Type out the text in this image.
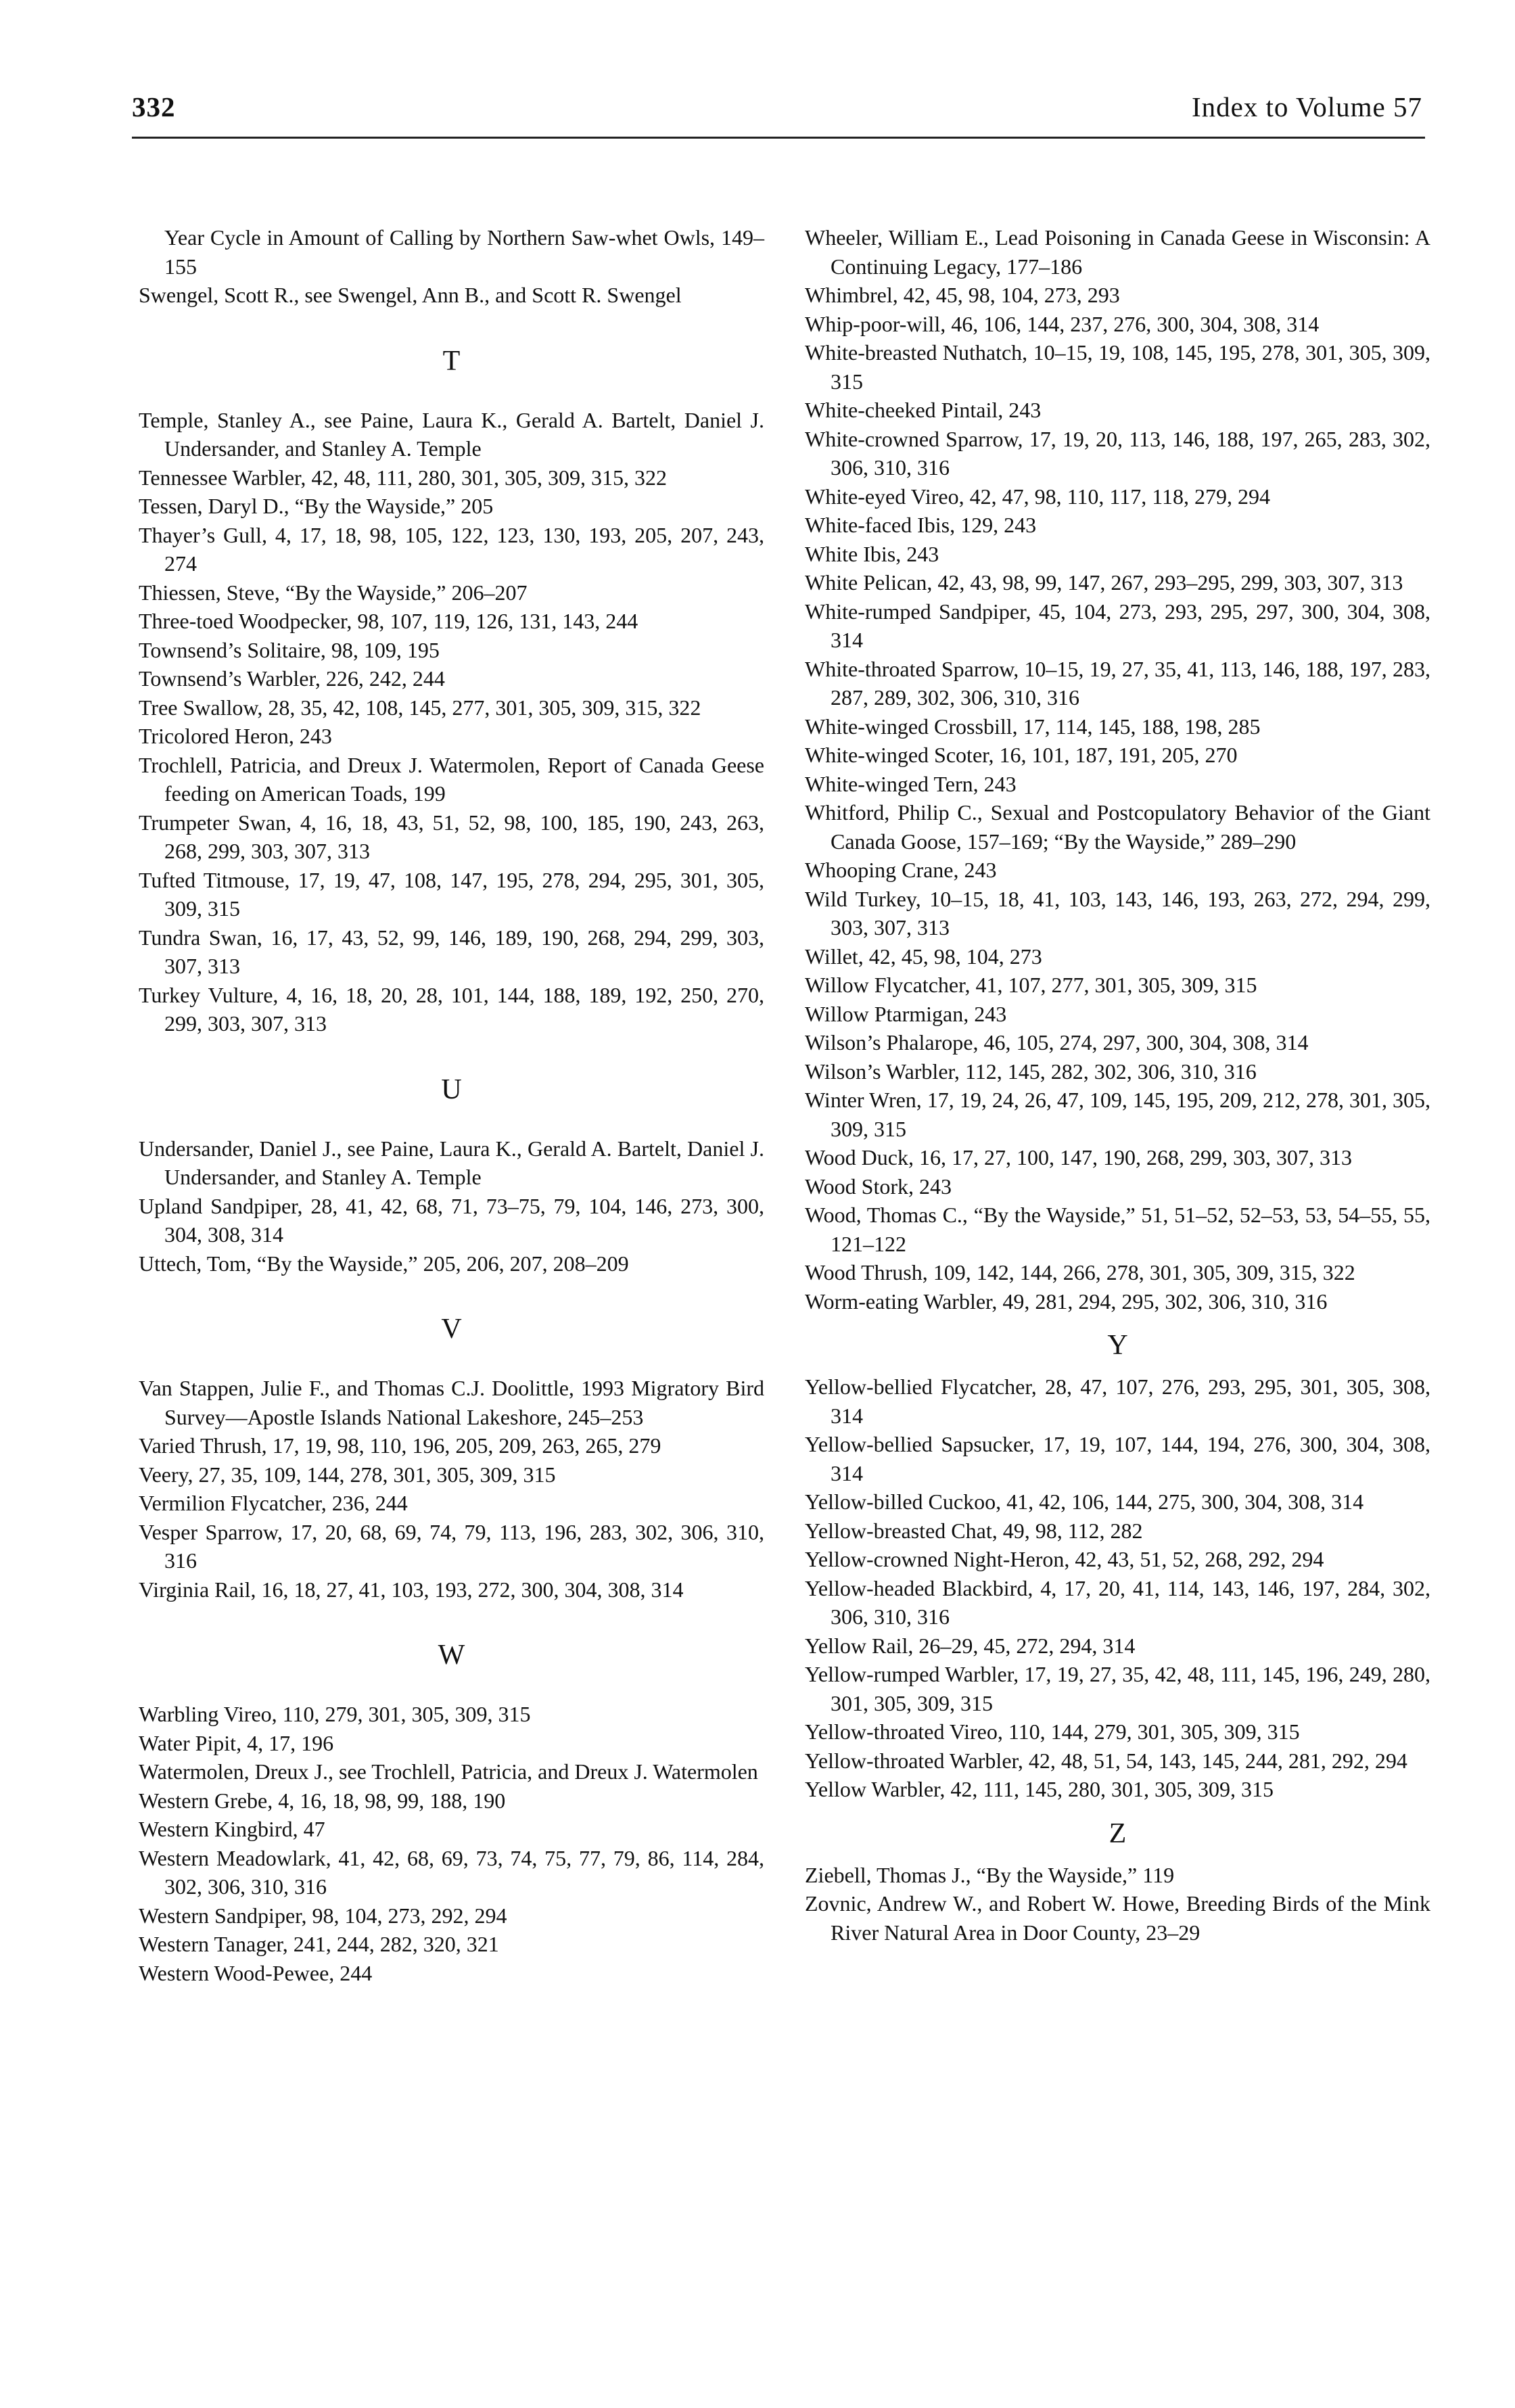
332	Index to Volume 57
Year Cycle in Amount of Calling by Northern Saw-whet Owls, 149–155
Swengel, Scott R., see Swengel, Ann B., and Scott R. Swengel
T
Temple, Stanley A., see Paine, Laura K., Gerald A. Bartelt, Daniel J. Undersander, and Stanley A. Temple
Tennessee Warbler, 42, 48, 111, 280, 301, 305, 309, 315, 322
Tessen, Daryl D., “By the Wayside,” 205
Thayer’s Gull, 4, 17, 18, 98, 105, 122, 123, 130, 193, 205, 207, 243, 274
Thiessen, Steve, “By the Wayside,” 206–207
Three-toed Woodpecker, 98, 107, 119, 126, 131, 143, 244
Townsend’s Solitaire, 98, 109, 195
Townsend’s Warbler, 226, 242, 244
Tree Swallow, 28, 35, 42, 108, 145, 277, 301, 305, 309, 315, 322
Tricolored Heron, 243
Trochlell, Patricia, and Dreux J. Watermolen, Report of Canada Geese feeding on American Toads, 199
Trumpeter Swan, 4, 16, 18, 43, 51, 52, 98, 100, 185, 190, 243, 263, 268, 299, 303, 307, 313
Tufted Titmouse, 17, 19, 47, 108, 147, 195, 278, 294, 295, 301, 305, 309, 315
Tundra Swan, 16, 17, 43, 52, 99, 146, 189, 190, 268, 294, 299, 303, 307, 313
Turkey Vulture, 4, 16, 18, 20, 28, 101, 144, 188, 189, 192, 250, 270, 299, 303, 307, 313
U
Undersander, Daniel J., see Paine, Laura K., Gerald A. Bartelt, Daniel J. Undersander, and Stanley A. Temple
Upland Sandpiper, 28, 41, 42, 68, 71, 73–75, 79, 104, 146, 273, 300, 304, 308, 314
Uttech, Tom, “By the Wayside,” 205, 206, 207, 208–209
V
Van Stappen, Julie F., and Thomas C.J. Doolittle, 1993 Migratory Bird Survey—Apostle Islands National Lakeshore, 245–253
Varied Thrush, 17, 19, 98, 110, 196, 205, 209, 263, 265, 279
Veery, 27, 35, 109, 144, 278, 301, 305, 309, 315
Vermilion Flycatcher, 236, 244
Vesper Sparrow, 17, 20, 68, 69, 74, 79, 113, 196, 283, 302, 306, 310, 316
Virginia Rail, 16, 18, 27, 41, 103, 193, 272, 300, 304, 308, 314
W
Warbling Vireo, 110, 279, 301, 305, 309, 315
Water Pipit, 4, 17, 196
Watermolen, Dreux J., see Trochlell, Patricia, and Dreux J. Watermolen
Western Grebe, 4, 16, 18, 98, 99, 188, 190
Western Kingbird, 47
Western Meadowlark, 41, 42, 68, 69, 73, 74, 75, 77, 79, 86, 114, 284, 302, 306, 310, 316
Western Sandpiper, 98, 104, 273, 292, 294
Western Tanager, 241, 244, 282, 320, 321
Western Wood-Pewee, 244
Wheeler, William E., Lead Poisoning in Canada Geese in Wisconsin: A Continuing Legacy, 177–186
Whimbrel, 42, 45, 98, 104, 273, 293
Whip-poor-will, 46, 106, 144, 237, 276, 300, 304, 308, 314
White-breasted Nuthatch, 10–15, 19, 108, 145, 195, 278, 301, 305, 309, 315
White-cheeked Pintail, 243
White-crowned Sparrow, 17, 19, 20, 113, 146, 188, 197, 265, 283, 302, 306, 310, 316
White-eyed Vireo, 42, 47, 98, 110, 117, 118, 279, 294
White-faced Ibis, 129, 243
White Ibis, 243
White Pelican, 42, 43, 98, 99, 147, 267, 293–295, 299, 303, 307, 313
White-rumped Sandpiper, 45, 104, 273, 293, 295, 297, 300, 304, 308, 314
White-throated Sparrow, 10–15, 19, 27, 35, 41, 113, 146, 188, 197, 283, 287, 289, 302, 306, 310, 316
White-winged Crossbill, 17, 114, 145, 188, 198, 285
White-winged Scoter, 16, 101, 187, 191, 205, 270
White-winged Tern, 243
Whitford, Philip C., Sexual and Postcopulatory Behavior of the Giant Canada Goose, 157–169; “By the Wayside,” 289–290
Whooping Crane, 243
Wild Turkey, 10–15, 18, 41, 103, 143, 146, 193, 263, 272, 294, 299, 303, 307, 313
Willet, 42, 45, 98, 104, 273
Willow Flycatcher, 41, 107, 277, 301, 305, 309, 315
Willow Ptarmigan, 243
Wilson’s Phalarope, 46, 105, 274, 297, 300, 304, 308, 314
Wilson’s Warbler, 112, 145, 282, 302, 306, 310, 316
Winter Wren, 17, 19, 24, 26, 47, 109, 145, 195, 209, 212, 278, 301, 305, 309, 315
Wood Duck, 16, 17, 27, 100, 147, 190, 268, 299, 303, 307, 313
Wood Stork, 243
Wood, Thomas C., “By the Wayside,” 51, 51–52, 52–53, 53, 54–55, 55, 121–122
Wood Thrush, 109, 142, 144, 266, 278, 301, 305, 309, 315, 322
Worm-eating Warbler, 49, 281, 294, 295, 302, 306, 310, 316
Y
Yellow-bellied Flycatcher, 28, 47, 107, 276, 293, 295, 301, 305, 308, 314
Yellow-bellied Sapsucker, 17, 19, 107, 144, 194, 276, 300, 304, 308, 314
Yellow-billed Cuckoo, 41, 42, 106, 144, 275, 300, 304, 308, 314
Yellow-breasted Chat, 49, 98, 112, 282
Yellow-crowned Night-Heron, 42, 43, 51, 52, 268, 292, 294
Yellow-headed Blackbird, 4, 17, 20, 41, 114, 143, 146, 197, 284, 302, 306, 310, 316
Yellow Rail, 26–29, 45, 272, 294, 314
Yellow-rumped Warbler, 17, 19, 27, 35, 42, 48, 111, 145, 196, 249, 280, 301, 305, 309, 315
Yellow-throated Vireo, 110, 144, 279, 301, 305, 309, 315
Yellow-throated Warbler, 42, 48, 51, 54, 143, 145, 244, 281, 292, 294
Yellow Warbler, 42, 111, 145, 280, 301, 305, 309, 315
Z
Ziebell, Thomas J., “By the Wayside,” 119
Zovnic, Andrew W., and Robert W. Howe, Breeding Birds of the Mink River Natural Area in Door County, 23–29
